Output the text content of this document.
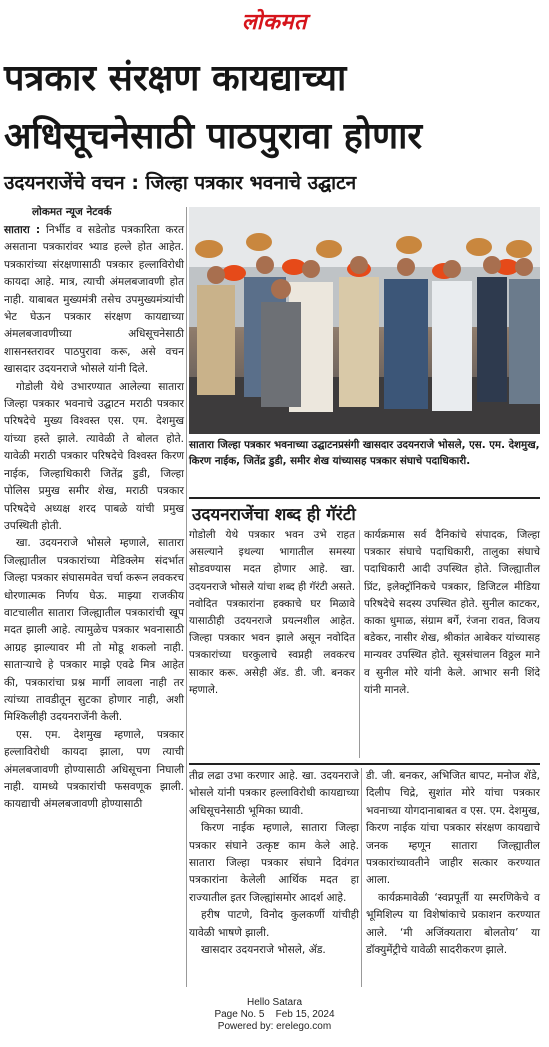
लोकमत
पत्रकार संरक्षण कायद्याच्या
अधिसूचनेसाठी पाठपुरावा होणार
उदयनराजेंचे वचन : जिल्हा पत्रकार भवनाचे उद्घाटन
लोकमत न्यूज नेटवर्क

सातारा : निर्भीड व सडेतोड पत्रकारिता करत असताना पत्रकारांवर भ्याड हल्ले होत आहेत. पत्रकारांच्या संरक्षणासाठी पत्रकार हल्लाविरोधी कायदा आहे. मात्र, त्याची अंमलबजावणी होत नाही. याबाबत मुख्यमंत्री तसेच उपमुख्यमंत्र्यांची भेट घेऊन पत्रकार संरक्षण कायद्याच्या अंमलबजावणीच्या अधिसूचनेसाठी शासनस्तरावर पाठपुरावा करू, असे वचन खासदार उदयनराजे भोसले यांनी दिले.

गोडोली येथे उभारण्यात आलेल्या सातारा जिल्हा पत्रकार भवनाचे उद्घाटन मराठी पत्रकार परिषदेचे मुख्य विश्वस्त एस. एम. देशमुख यांच्या हस्ते झाले. त्यावेळी ते बोलत होते. यावेळी मराठी पत्रकार परिषदेचे विश्वस्त किरण नाईक, जिल्हाधिकारी जितेंद्र डुडी, जिल्हा पोलिस प्रमुख समीर शेख, मराठी पत्रकार परिषदेचे अध्यक्ष शरद पाबळे यांची प्रमुख उपस्थिती होती.

खा. उदयनराजे भोसले म्हणाले, सातारा जिल्ह्यातील पत्रकारांच्या मेडिक्लेम संदर्भात जिल्हा पत्रकार संघासमवेत चर्चा करून लवकरच धोरणात्मक निर्णय घेऊ. माझ्या राजकीय वाटचालीत सातारा जिल्ह्यातील पत्रकारांची खूप मदत झाली आहे. त्यामुळेच पत्रकार भवनासाठी आग्रह झाल्यावर मी तो मोडू शकलो नाही. साताऱ्याचे हे पत्रकार माझे एवढे मित्र आहेत की, पत्रकारांचा प्रश्न मार्गी लावला नाही तर त्यांच्या तावडीतून सुटका होणार नाही, अशी मिश्किलीही उदयनराजेंनी केली.

एस. एम. देशमुख म्हणाले, पत्रकार हल्लाविरोधी कायदा झाला, पण त्याची अंमलबजावणी होण्यासाठी अधिसूचना निघाली नाही. यामध्ये पत्रकारांची फसवणूक झाली. कायद्याची अंमलबजावणी होण्यासाठी

सातारा जिल्हा पत्रकार भवनाच्या उद्घाटनप्रसंगी खासदार उदयनराजे भोसले, एस. एम. देशमुख, किरण नाईक, जितेंद्र डुडी, समीर शेख यांच्यासह पत्रकार संघाचे पदाधिकारी.
उदयनराजेंचा शब्द ही गॅरंटी

गोडोली येथे पत्रकार भवन उभे राहत असल्याने इथल्या भागातील समस्या सोडवण्यास मदत होणार आहे. खा. उदयनराजे भोसले यांचा शब्द ही गॅरंटी असते. नवोदित पत्रकारांना हक्काचे घर मिळावे यासाठीही उदयनराजे प्रयत्नशील आहेत. जिल्हा पत्रकार भवन झाले असून नवोदित पत्रकारांच्या घरकुलाचे स्वप्नही लवकरच साकार करू. असेही ॲड. डी. जी. बनकर म्हणाले.

कार्यक्रमास सर्व दैनिकांचे संपादक, जिल्हा पत्रकार संघाचे पदाधिकारी, तालुका संघाचे पदाधिकारी आदी उपस्थित होते. जिल्ह्यातील प्रिंट, इलेक्ट्रॉनिकचे पत्रकार, डिजिटल मीडिया परिषदेचे सदस्य उपस्थित होते. सुनील काटकर, काका धुमाळ, संग्राम बर्गे, रंजना रावत, विजय बडेकर, नासीर शेख, श्रीकांत आबेकर यांच्यासह मान्यवर उपस्थित होते. सूत्रसंचालन विठ्ठल माने व सुनील मोरे यांनी केले. आभार सनी शिंदे यांनी मानले.

तीव्र लढा उभा करणार आहे. खा. उदयनराजे भोसले यांनी पत्रकार हल्लाविरोधी कायद्याच्या अधिसूचनेसाठी भूमिका घ्यावी.

किरण नाईक म्हणाले, सातारा जिल्हा पत्रकार संघाने उत्कृष्ट काम केले आहे. सातारा जिल्हा पत्रकार संघाने दिवंगत पत्रकारांना केलेली आर्थिक मदत हा राज्यातील इतर जिल्ह्यांसमोर आदर्श आहे.

हरीष पाटणे, विनोद कुलकर्णी यांचीही यावेळी भाषणे झाली.

खासदार उदयनराजे भोसले, ॲड.

डी. जी. बनकर, अभिजित बापट, मनोज शेंडे, दिलीप चिद्रे, सुशांत मोरे यांचा पत्रकार भवनाच्या योगदानाबाबत व एस. एम. देशमुख, किरण नाईक यांचा पत्रकार संरक्षण कायद्याचे जनक म्हणून सातारा जिल्ह्यातील पत्रकारांच्यावतीने जाहीर सत्कार करण्यात आला.

कार्यक्रमावेळी ‘स्वप्नपूर्ती या स्मरणिकेचे व भूमिशिल्प या विशेषांकाचे प्रकाशन करण्यात आले. ‘मी अजिंक्यतारा बोलतोय’ या डॉक्युमेंट्रीचे यावेळी सादरीकरण झाले.

Hello Satara
Page No. 5    Feb 15, 2024
Powered by: erelego.com
